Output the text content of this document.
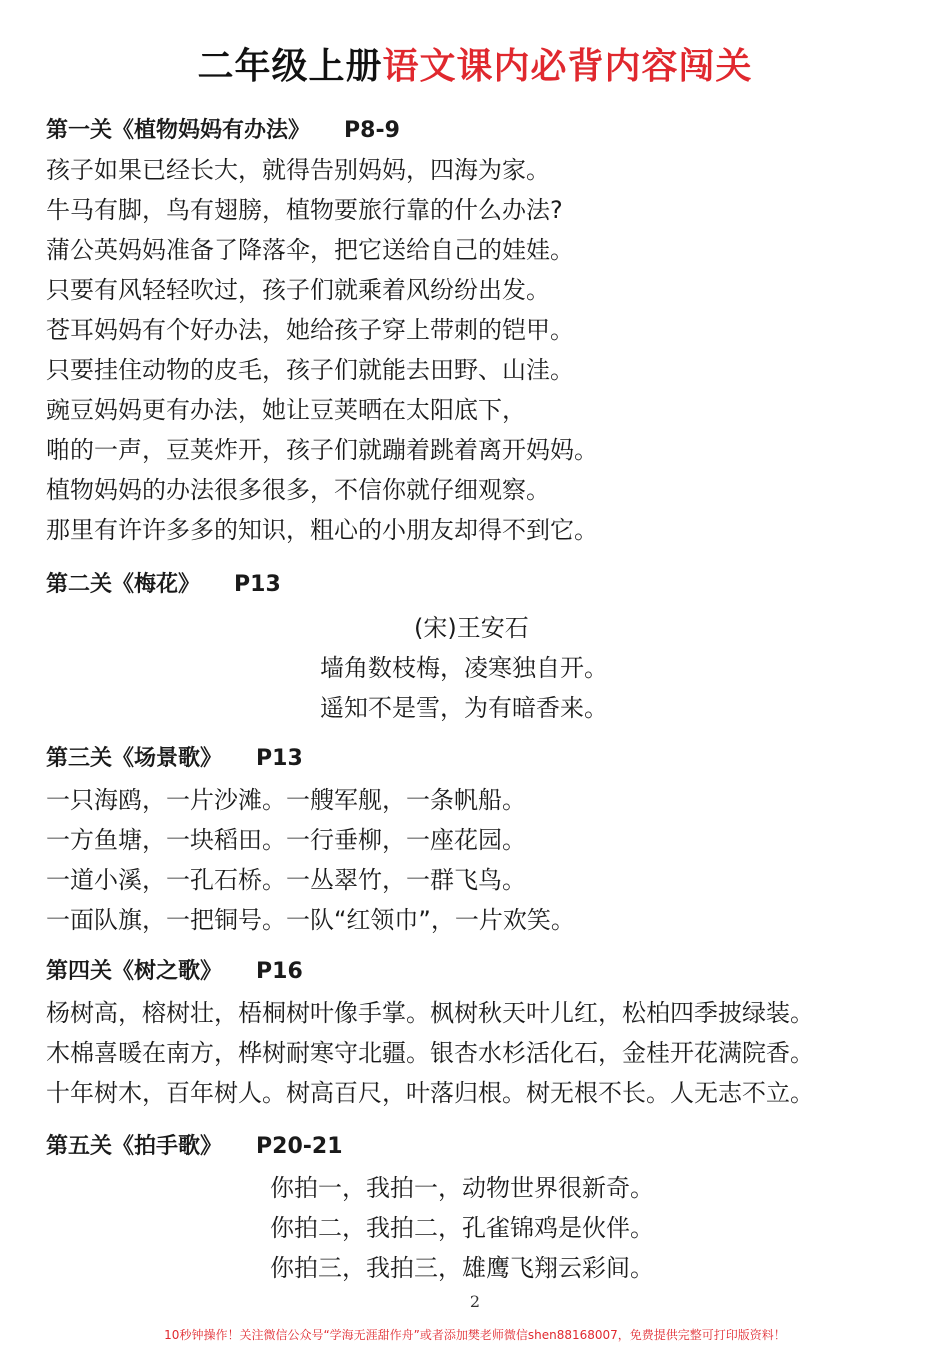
二年级上册语文课内必背内容闯关
第一关《植物妈妈有办法》 P8-9
孩子如果已经长大，就得告别妈妈，四海为家。
牛马有脚，鸟有翅膀，植物要旅行靠的什么办法?
蒲公英妈妈准备了降落伞，把它送给自己的娃娃。
只要有风轻轻吹过，孩子们就乘着风纷纷出发。
苍耳妈妈有个好办法，她给孩子穿上带刺的铠甲。
只要挂住动物的皮毛，孩子们就能去田野、山洼。
豌豆妈妈更有办法，她让豆荚晒在太阳底下，
啪的一声，豆荚炸开，孩子们就蹦着跳着离开妈妈。
植物妈妈的办法很多很多，不信你就仔细观察。
那里有许许多多的知识，粗心的小朋友却得不到它。
第二关《梅花》 P13
(宋)王安石
墙角数枝梅，凌寒独自开。
遥知不是雪，为有暗香来。
第三关《场景歌》 P13
一只海鸥，一片沙滩。一艘军舰，一条帆船。
一方鱼塘，一块稻田。一行垂柳，一座花园。
一道小溪，一孔石桥。一丛翠竹，一群飞鸟。
一面队旗，一把铜号。一队“红领巾”，一片欢笑。
第四关《树之歌》 P16
杨树高，榕树壮，梧桐树叶像手掌。枫树秋天叶儿红，松柏四季披绿装。
木棉喜暖在南方，桦树耐寒守北疆。银杏水杉活化石，金桂开花满院香。
十年树木，百年树人。树高百尺，叶落归根。树无根不长。人无志不立。
第五关《拍手歌》 P20-21
你拍一，我拍一，动物世界很新奇。
你拍二，我拍二，孔雀锦鸡是伙伴。
你拍三，我拍三，雄鹰飞翔云彩间。
2
10秒钟操作！关注微信公众号“学海无涯甜作舟”或者添加樊老师微信shen88168007，免费提供完整可打印版资料！
